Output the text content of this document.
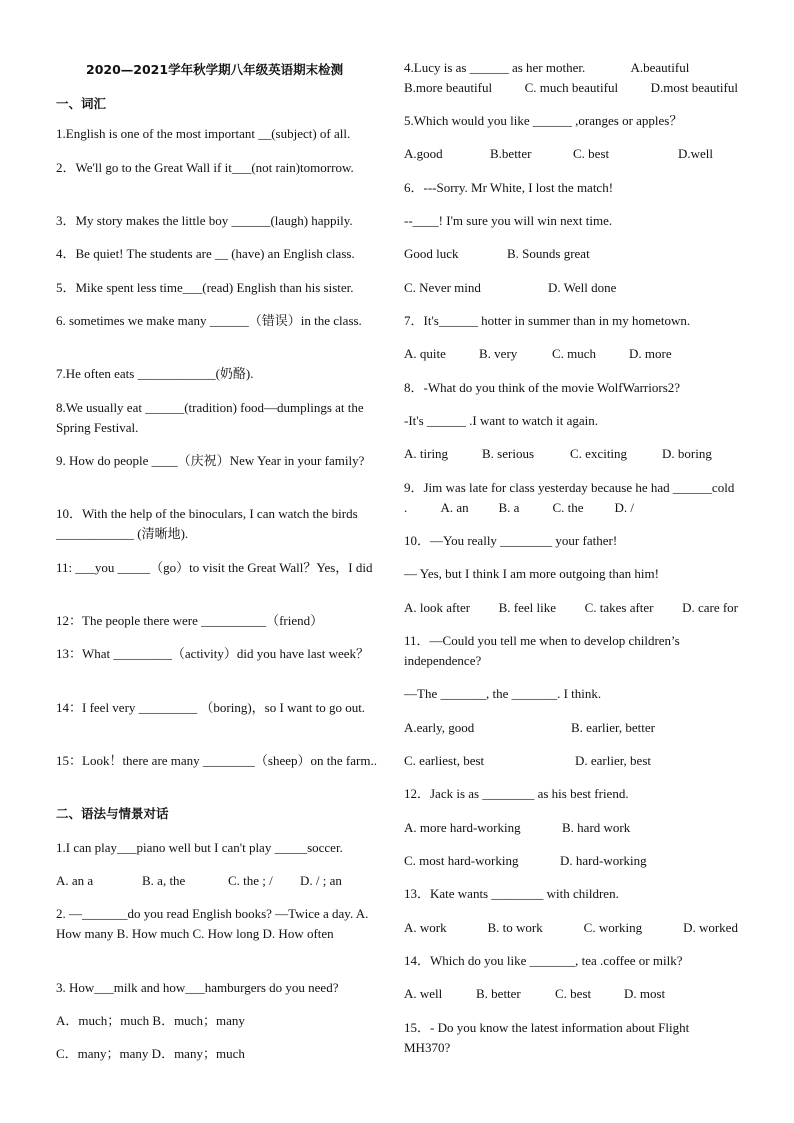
2020—2021学年秋学期八年级英语期末检测
一、词汇
1.English is one of the most important __(subject) of all.
2．We'll go to the Great Wall if it___(not rain)tomorrow.
3．My story makes the little boy ______(laugh) happily.
4．Be quiet! The students are __ (have) an English class.
5．Mike spent less time___(read) English than his sister.
6. sometimes we make many ______（错误）in the class.
7.He often eats ____________(奶酪).
8.We usually eat ______(tradition) food—dumplings at the Spring Festival.
9. How do people ____（庆祝）New Year in your family?
10．With the help of the binoculars, I can watch the birds ____________ (清晰地).
11: ___you _____（go）to visit the Great Wall？Yes，I did
12：The people there were __________（friend）
13：What _________（activity）did you have last week？
14：I feel very _________ （boring)，so I want to go out.
15：Look！there are many ________（sheep）on the farm..
二、语法与情景对话
1.I can play___piano well but I can't play _____soccer.
A. an a	B. a, the	C. the ; / D. / ; an
2. —_______do you read English books? —Twice a day. A. How many B. How much C. How long D. How often
3. How___milk and how___hamburgers do you need?
A．much；much B．much；many
C．many；many D．many；much
4.Lucy is as ______ as her mother.	A.beautiful
B.more beautiful	C. much beautiful	D.most beautiful
5.Which would you like ______ ,oranges or apples？
A.good	B.better	C. best	D.well
6．---Sorry. Mr White, I lost the match!
--____! I'm sure you will win next time.
Good luck	B. Sounds great
C. Never mind	D. Well done
7．It's______ hotter in summer than in my hometown.
A. quite	B. very	C. much	D. more
8．-What do you think of the movie WolfWarriors2?
-It's ______ .I want to watch it again.
A. tiring	B. serious	C. exciting	D. boring
9．Jim was late for class yesterday because he had ______cold .	A. an B. a	C. the D. /
10．—You really ________ your father!
— Yes, but I think I am more outgoing than him!
A. look after B. feel like C. takes after D. care for
11．—Could you tell me when to develop children’s independence?
—The _______, the _______. I think.
A.early, good	B. earlier, better
C. earliest, best	D. earlier, best
12．Jack is as ________ as his best friend.
A. more hard-working	B. hard work
C. most hard-working	D. hard-working
13．Kate wants ________ with children.
A. work	B. to work	C. working	D. worked
14．Which do you like _______, tea .coffee or milk?
A. well	B. better	C. best	D. most
15．- Do you know the latest information about Flight MH370?
